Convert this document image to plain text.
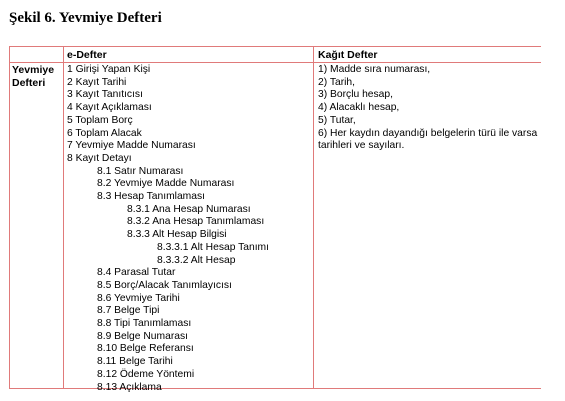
Şekil 6. Yevmiye Defteri
e-Defter	Kağıt Defter
Yevmiye
Defteri
1 Girişi Yapan Kişi
2 Kayıt Tarihi
3 Kayıt Tanıtıcısı
4 Kayıt Açıklaması
5 Toplam Borç
6 Toplam Alacak
7 Yevmiye Madde Numarası
8 Kayıt Detayı
8.1 Satır Numarası
8.2 Yevmiye Madde Numarası
8.3 Hesap Tanımlaması
8.3.1 Ana Hesap Numarası
8.3.2 Ana Hesap Tanımlaması
8.3.3 Alt Hesap Bilgisi
8.3.3.1 Alt Hesap Tanımı
8.3.3.2 Alt Hesap
8.4 Parasal Tutar
8.5 Borç/Alacak Tanımlayıcısı
8.6 Yevmiye Tarihi
8.7 Belge Tipi
8.8 Tipi Tanımlaması
8.9 Belge Numarası
8.10 Belge Referansı
8.11 Belge Tarihi
8.12 Ödeme Yöntemi
8.13 Açıklama
1) Madde sıra numarası,
2) Tarih,
3) Borçlu hesap,
4) Alacaklı hesap,
5) Tutar,
6) Her kaydın dayandığı belgelerin türü ile varsa tarihleri ve sayıları.
